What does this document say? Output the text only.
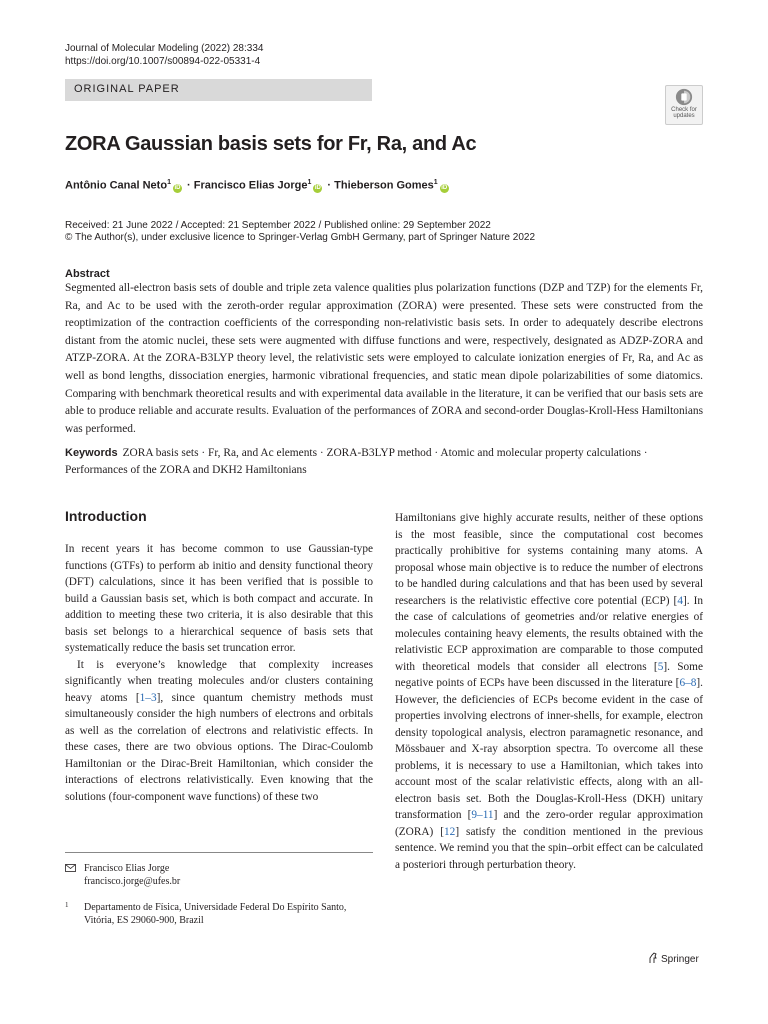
Journal of Molecular Modeling (2022) 28:334
https://doi.org/10.1007/s00894-022-05331-4
ORIGINAL PAPER
Check for
updates
ZORA Gaussian basis sets for Fr, Ra, and Ac
Antônio Canal Neto$^1$iD · Francisco Elias Jorge$^1$iD · Thieberson Gomes$^1$iD
Received: 21 June 2022 / Accepted: 21 September 2022 / Published online: 29 September 2022
© The Author(s), under exclusive licence to Springer-Verlag GmbH Germany, part of Springer Nature 2022
Abstract

Segmented all-electron basis sets of double and triple zeta valence qualities plus polarization functions (DZP and TZP) for the elements Fr, Ra, and Ac to be used with the zeroth-order regular approximation (ZORA) were presented. These sets were constructed from the reoptimization of the contraction coefficients of the corresponding non-relativistic basis sets. In order to adequately describe electrons distant from the atomic nuclei, these sets were augmented with diffuse functions and were, respectively, designated as ADZP-ZORA and ATZP-ZORA. At the ZORA-B3LYP theory level, the relativistic sets were employed to calculate ionization energies of Fr, Ra, and Ac as well as bond lengths, dissociation energies, harmonic vibrational frequencies, and static mean dipole polarizabilities of some diatomics. Comparing with benchmark theoretical results and with experimental data available in the literature, it can be verified that our basis sets are able to produce reliable and accurate results. Evaluation of the performances of ZORA and second-order Douglas-Kroll-Hess Hamiltonians was performed.

Keywords ZORA basis sets · Fr, Ra, and Ac elements · ZORA-B3LYP method · Atomic and molecular property calculations · Performances of the ZORA and DKH2 Hamiltonians

Introduction

In recent years it has become common to use Gaussian-type functions (GTFs) to perform ab initio and density functional theory (DFT) calculations, since it has been verified that is possible to build a Gaussian basis set, which is both compact and accurate. In addition to meeting these two criteria, it is also desirable that this basis set belongs to a hierarchical sequence of basis sets that systematically reduce the basis set truncation error.

It is everyone’s knowledge that complexity increases significantly when treating molecules and/or clusters containing heavy atoms [1–3], since quantum chemistry methods must simultaneously consider the high numbers of electrons and orbitals as well as the correlation of electrons and relativistic effects. In these cases, there are two obvious options. The Dirac-Coulomb Hamiltonian or the Dirac-Breit Hamiltonian, which consider the interactions of electrons relativistically. Even knowing that the solutions (four-component wave functions) of these two

Hamiltonians give highly accurate results, neither of these options is the most feasible, since the computational cost becomes practically prohibitive for systems containing many atoms. A proposal whose main objective is to reduce the number of electrons to be handled during calculations and that has been used by several researchers is the relativistic effective core potential (ECP) [4]. In the case of calculations of geometries and/or relative energies of molecules containing heavy elements, the results obtained with the relativistic ECP approximation are comparable to those computed with theoretical models that consider all electrons [5]. Some negative points of ECPs have been discussed in the literature [6–8]. However, the deficiencies of ECPs become evident in the case of properties involving electrons of inner-shells, for example, electron density topological analysis, electron paramagnetic resonance, and Mössbauer and X-ray absorption spectra. To overcome all these problems, it is necessary to use a Hamiltonian, which takes into account most of the scalar relativistic effects, along with an all-electron basis set. Both the Douglas-Kroll-Hess (DKH) unitary transformation [9–11] and the zero-order regular approximation (ZORA) [12] satisfy the condition mentioned in the previous sentence. We remind you that the spin–orbit effect can be calculated a posteriori through perturbation theory.

Francisco Elias Jorge
francisco.jorge@ufes.br
1 Departamento de Física, Universidade Federal Do Espírito Santo, Vitória, ES 29060-900, Brazil
Springer
